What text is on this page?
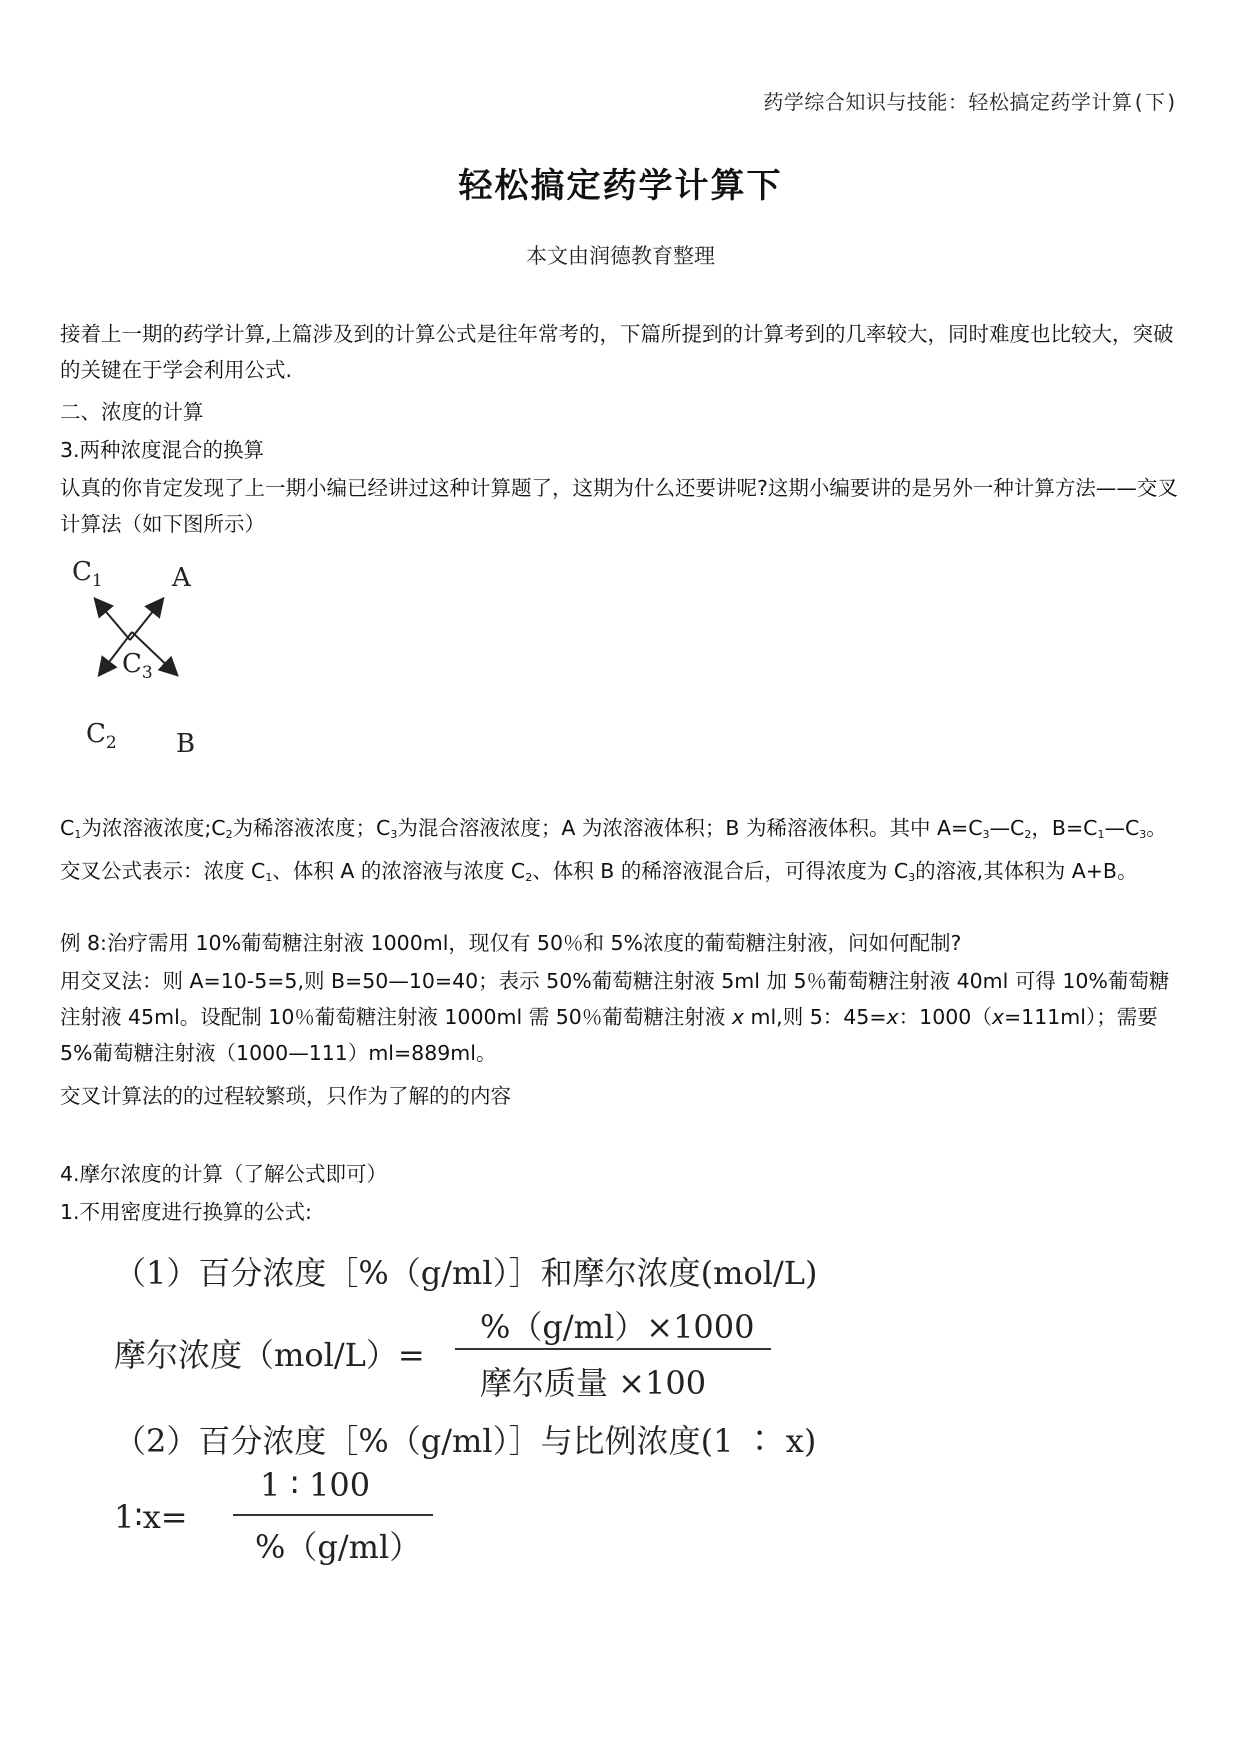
药学综合知识与技能：轻松搞定药学计算(下)
轻松搞定药学计算下
本文由润德教育整理
接着上一期的药学计算,上篇涉及到的计算公式是往年常考的，下篇所提到的计算考到的几率较大，同时难度也比较大，突破的关键在于学会利用公式.
二、浓度的计算
3.两种浓度混合的换算
认真的你肯定发现了上一期小编已经讲过这种计算题了，这期为什么还要讲呢?这期小编要讲的是另外一种计算方法——交叉计算法（如下图所示）
$C_1$	A
$C_3$
$C_2$ B
$C_1$为浓溶液浓度$;C_2$为稀溶液浓度；$C_3$为混合溶液浓度；A 为浓溶液体积；B 为稀溶液体积。其中 $A=C_3—C_2$，$B=C_1—C_3$。交叉公式表示：浓度 $C_1$、体积 A 的浓溶液与浓度 $C_2$、体积 B 的稀溶液混合后，可得浓度为 $C_3$的溶液,其体积为 A+B。
例 8:治疗需用 10%葡萄糖注射液 1000ml，现仅有 50％和 5%浓度的葡萄糖注射液，问如何配制?
用交叉法：则 A=10-5=5,则 B=50—10=40；表示 50%葡萄糖注射液 5ml 加 5％葡萄糖注射液 40ml 可得 10%葡萄糖注射液 45ml。设配制 10％葡萄糖注射液 1000ml 需 50％葡萄糖注射液 x ml,则 5：45=x：1000（x=111ml）；需要 5%葡萄糖注射液（1000—111）ml=889ml。
交叉计算法的的过程较繁琐，只作为了解的的内容
4.摩尔浓度的计算（了解公式即可）
1.不用密度进行换算的公式:
（1）百分浓度［%（g/ml）］和摩尔浓度(mol/L)
摩尔浓度（mol/L）=
%（g/ml）×1000
摩尔质量 ×100
（2）百分浓度［%（g/ml）］与比例浓度(1 ∶ x)
1∶x=
1 ∶ 100
%（g/ml）
